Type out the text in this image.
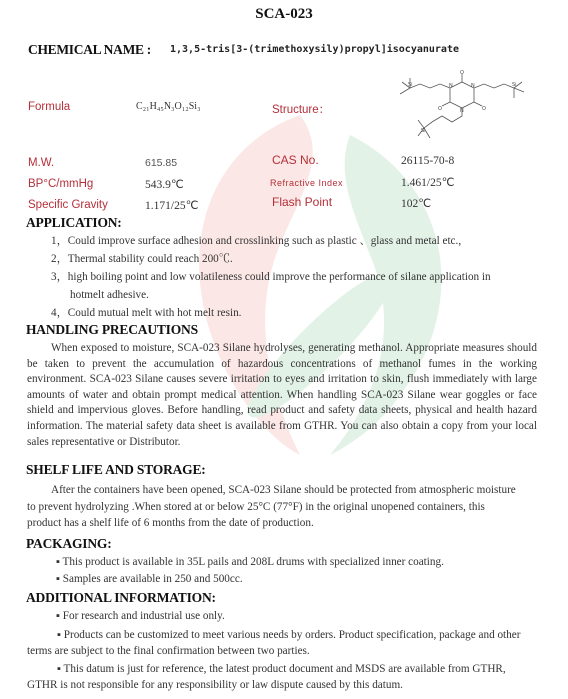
SCA-023
CHEMICAL NAME : 1,3,5-tris[3-(trimethoxysily)propyl]isocyanurate
Formula	C₂₁H₄₅N₃O₁₂Si₃	Structure：
O
O
O
N
N
N
Si
Si
Si
M.W.	615.85	CAS No.	26115-70-8
BP°C/mmHg	543.9℃	Refractive Index	1.461/25℃
Specific Gravity	1.171/25℃	Flash Point	102℃
APPLICATION:
1，Could improve surface adhesion and crosslinking such as plastic 、glass and metal etc.,
2，Thermal stability could reach 200℃.
3，high boiling point and low volatileness could improve the performance of silane application in
hotmelt adhesive.
4，Could mutual melt with hot melt resin.
HANDLING PRECAUTIONS
When exposed to moisture, SCA-023 Silane hydrolyses, generating methanol. Appropriate measures should be taken to prevent the accumulation of hazardous concentrations of methanol fumes in the working environment. SCA-023 Silane causes severe irritation to eyes and irritation to skin, flush immediately with large amounts of water and obtain prompt medical attention. When handling SCA-023 Silane wear goggles or face shield and impervious gloves. Before handling, read product and safety data sheets, physical and health hazard information. The material safety data sheet is available from GTHR. You can also obtain a copy from your local sales representative or Distributor.
SHELF LIFE AND STORAGE:
After the containers have been opened, SCA-023 Silane should be protected from atmospheric moisture to prevent hydrolyzing .When stored at or below 25°C (77°F) in the original unopened containers, this product has a shelf life of 6 months from the date of production.
PACKAGING:
▪ This product is available in 35L pails and 208L drums with specialized inner coating.
▪ Samples are available in 250 and 500cc.
ADDITIONAL INFORMATION:
▪ For research and industrial use only.
▪ Products can be customized to meet various needs by orders. Product specification, package and other terms are subject to the final confirmation between two parties.
▪ This datum is just for reference, the latest product document and MSDS are available from GTHR, GTHR is not responsible for any responsibility or law dispute caused by this datum.
